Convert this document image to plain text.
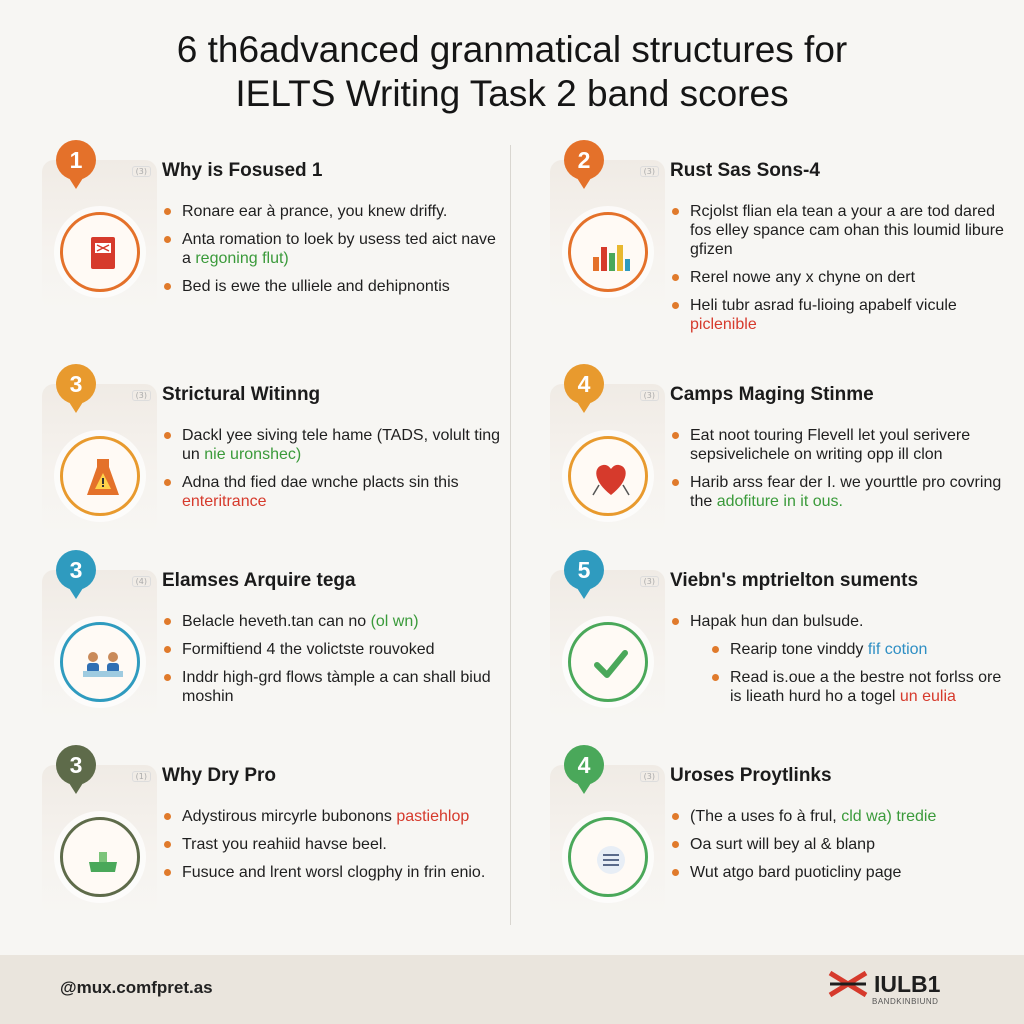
6 th6advanced granmatical structures for
IELTS Writing Task 2 band scores
(3)
1	Why is Fosused 1
Ronare ear à prance, you knew driffy.
Anta romation to loek by usess ted aict nave a regoning flut)
Bed is ewe the ulliele and dehipnontis
(3)
2	Rust Sas Sons-4
Rcjolst flian ela tean a your a are tod dared fos elley spance cam ohan this loumid libure gfizen
Rerel nowe any x chyne on dert
Heli tubr asrad fu-lioing apabelf vicule piclenible
(3)
3	Strictural Witinng
Dackl yee siving tele hame (TADS, volult ting un nie uronshec)
Adna thd fied dae wnche placts sin this enteritrance
(3)
4	Camps Maging Stinme
Eat noot touring Flevell let youl serivere sepsivelichele on writing opp ill clon
Harib arss fear der I. we yourttle pro covring the adofiture in it ous.
(4)
3	Elamses Arquire tega
Belacle heveth.tan can no (ol wn)
Formiftiend 4 the volictste rouvoked
Inddr high-grd flows tàmple a can shall biud moshin
(3)
5	Viebn's mptrielton suments
Hapak hun dan bulsude.
Rearip tone vinddy fif cotion
Read is.oue a the bestre not forlss ore is lieath hurd ho a togel un eulia
(1)
3	Why Dry Pro
Adystirous mircyrle bubonons pastiehlop
Trast you reahiid havse beel.
Fusuce and lrent worsl clogphy in frin enio.
(3)
4	Uroses Proytlinks
(The a uses fo à frul, cld wa) tredie
Oa surt will bey al & blanp
Wut atgo bard puoticliny page
@mux.comfpret.as	IULB1
BANDKINBIUND
